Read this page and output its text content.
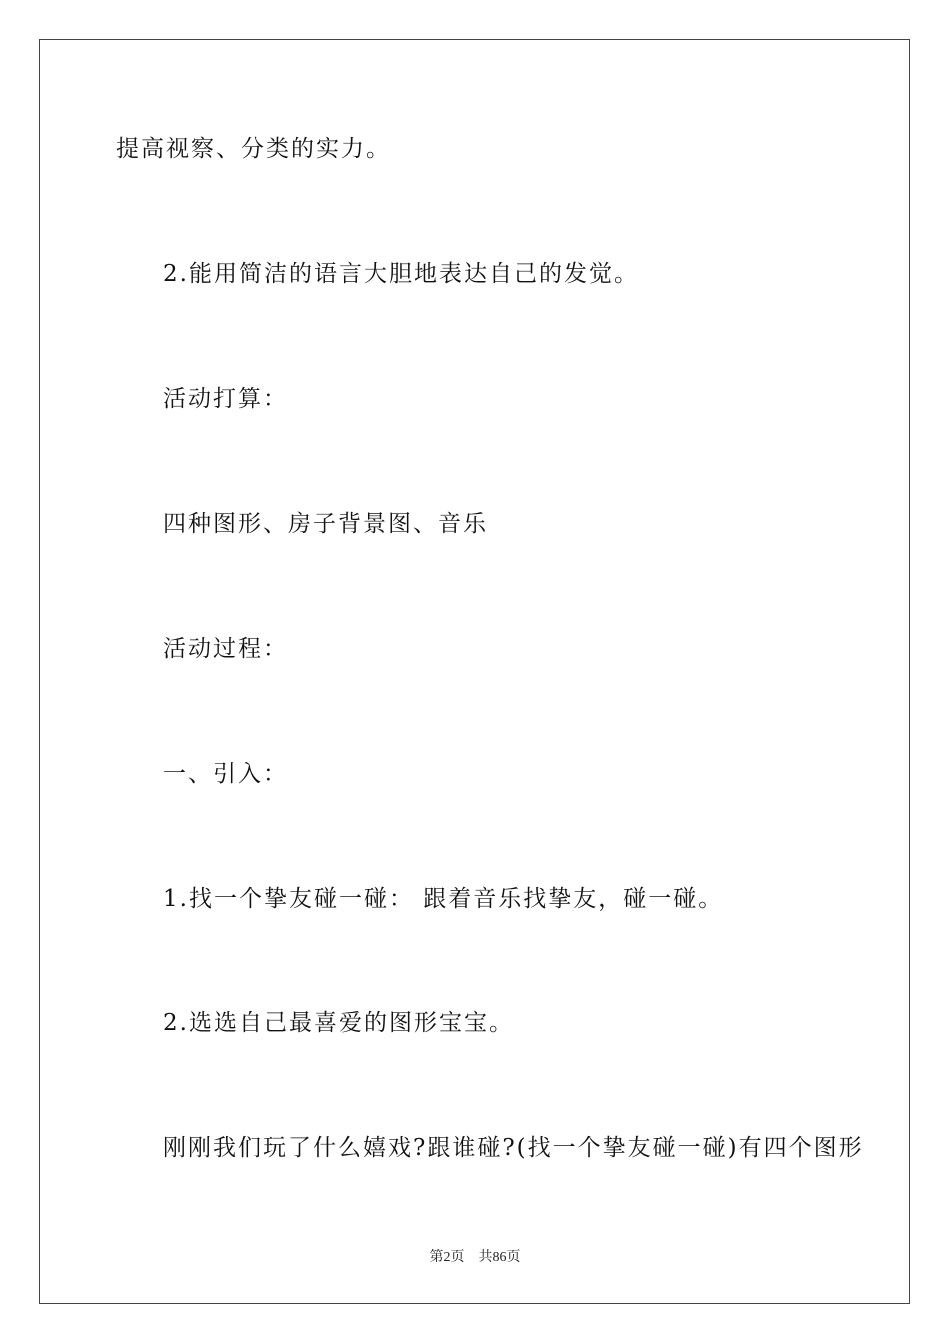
提高视察、分类的实力。
2.能用简洁的语言大胆地表达自己的发觉。
活动打算：
四种图形、房子背景图、音乐
活动过程：
一、引入：
1.找一个挚友碰一碰： 跟着音乐找挚友，碰一碰。
2.选选自己最喜爱的图形宝宝。
刚刚我们玩了什么嬉戏?跟谁碰?(找一个挚友碰一碰)有四个图形
第2页 共86页
